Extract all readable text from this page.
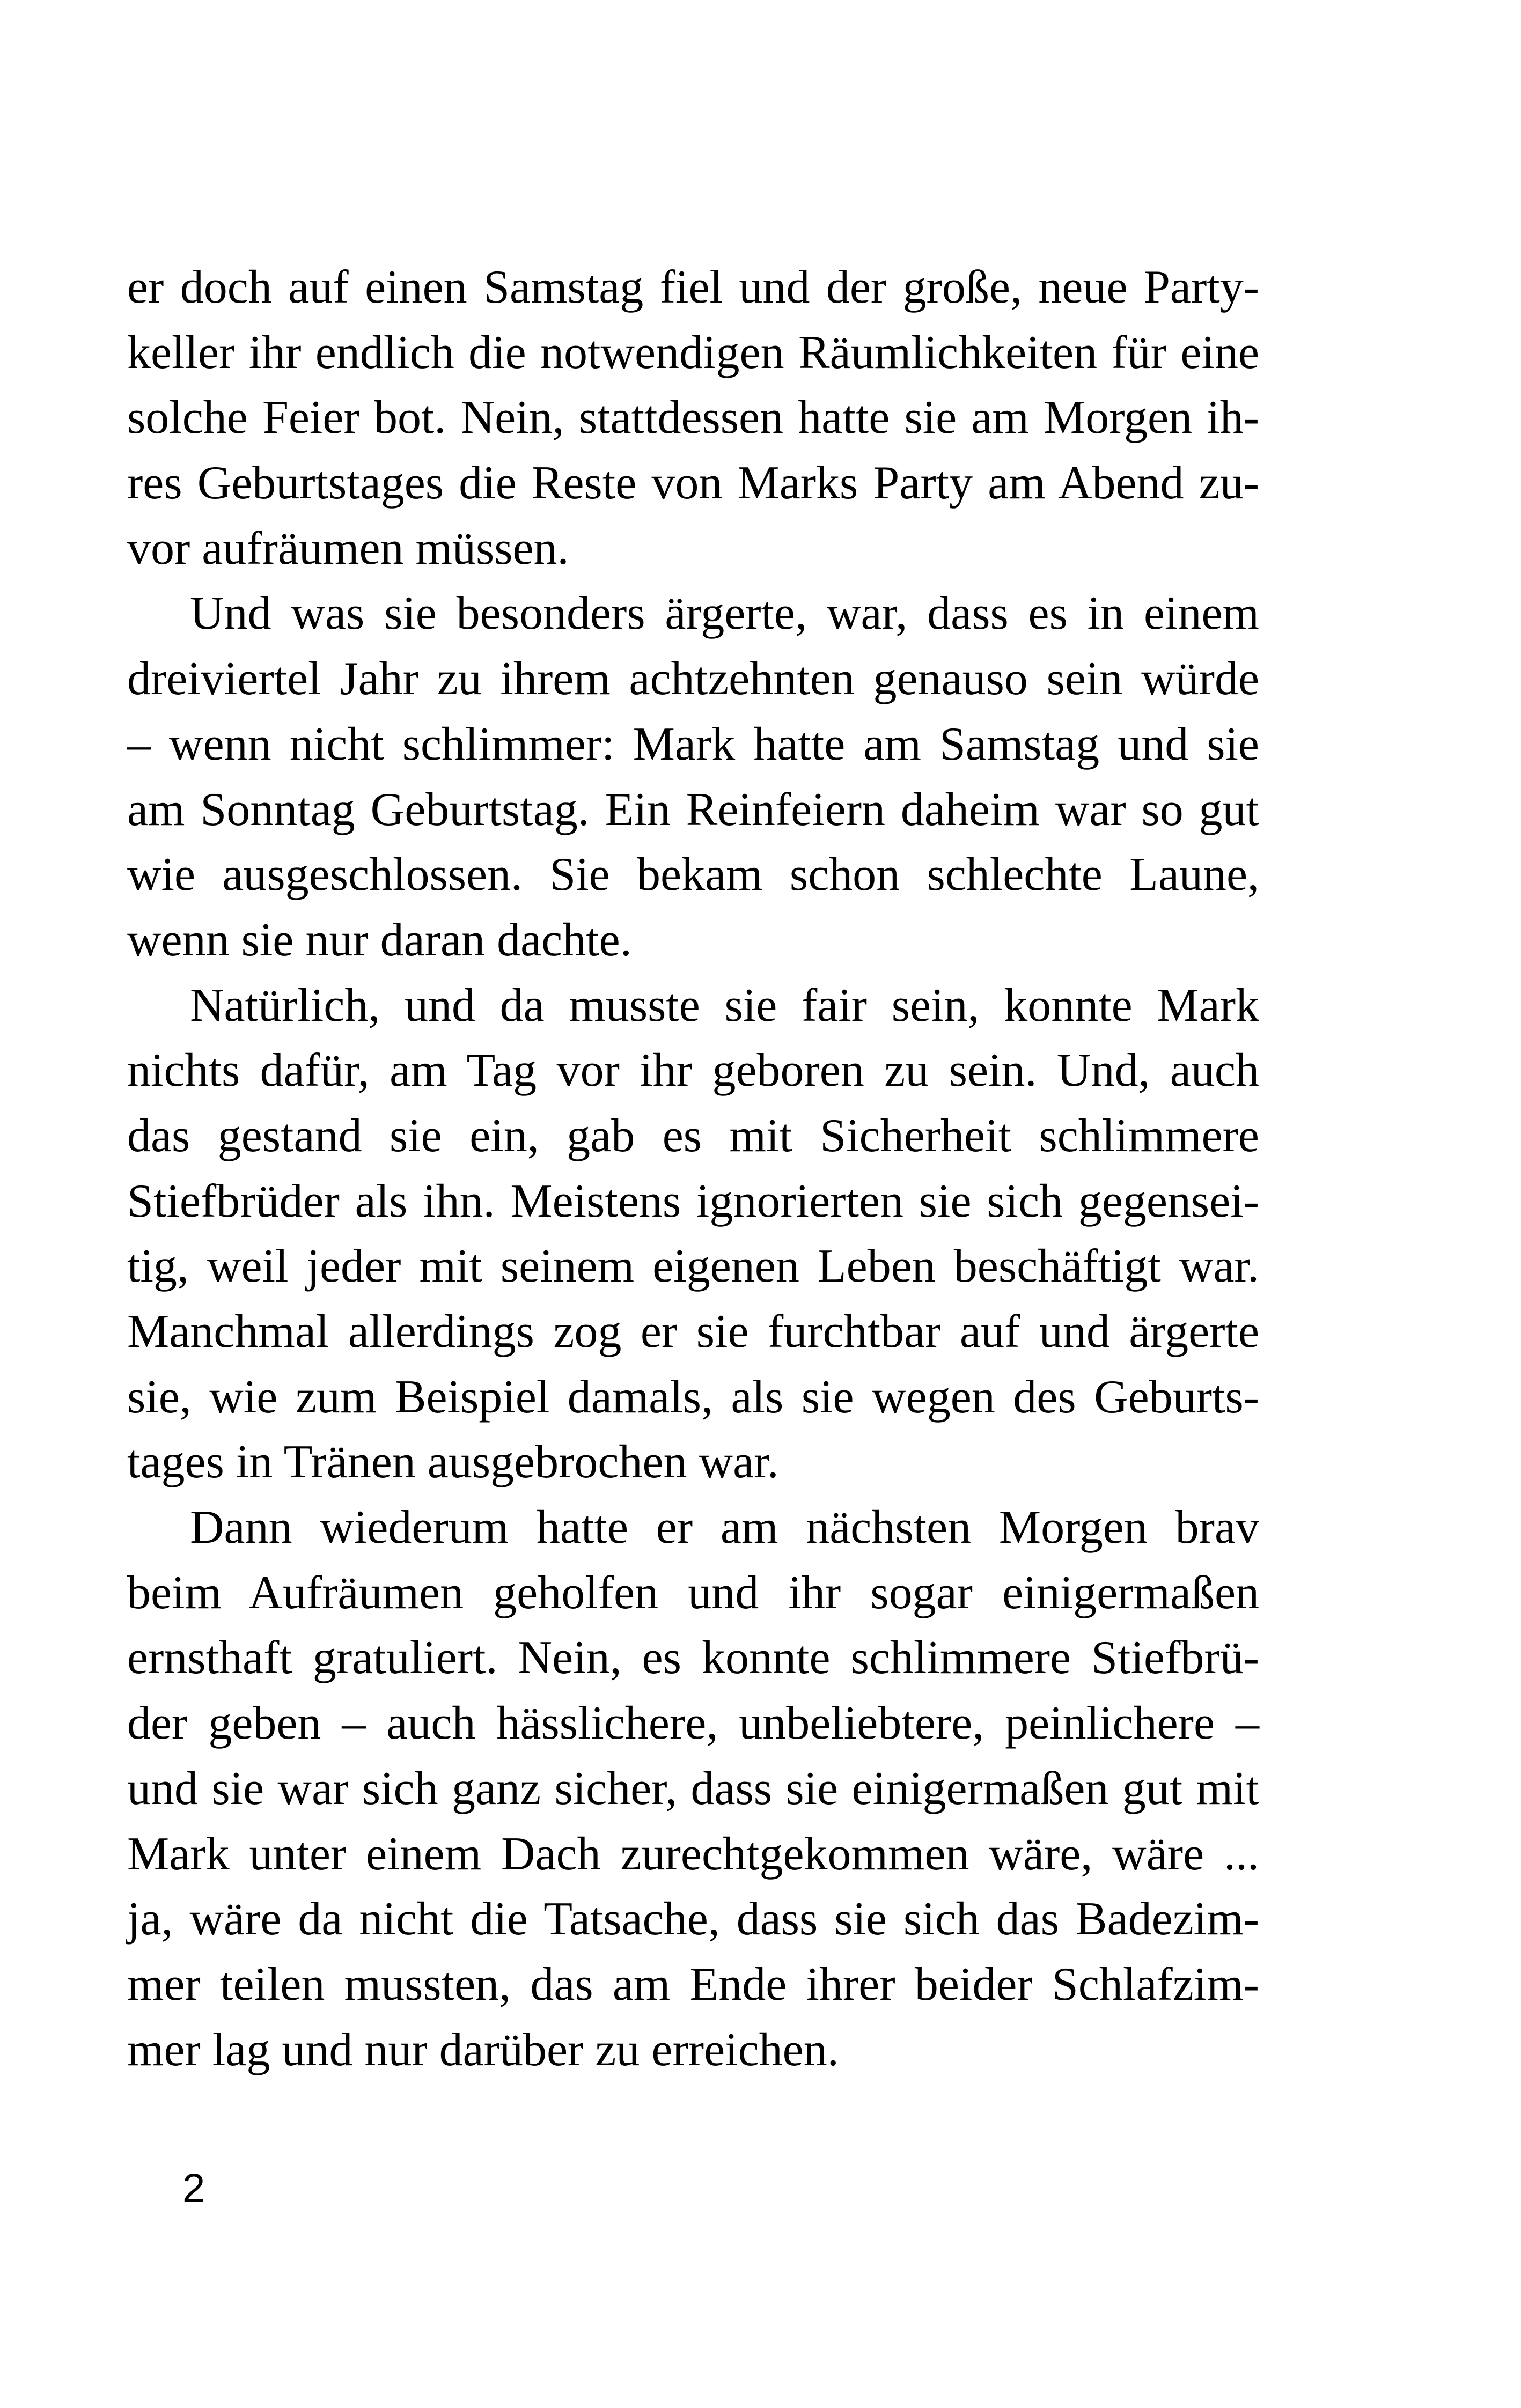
er doch auf einen Samstag fiel und der große, neue Party-
keller ihr endlich die notwendigen Räumlichkeiten für eine
solche Feier bot. Nein, stattdessen hatte sie am Morgen ih-
res Geburtstages die Reste von Marks Party am Abend zu-
vor aufräumen müssen.
Und was sie besonders ärgerte, war, dass es in einem
dreiviertel Jahr zu ihrem achtzehnten genauso sein würde
– wenn nicht schlimmer: Mark hatte am Samstag und sie
am Sonntag Geburtstag. Ein Reinfeiern daheim war so gut
wie ausgeschlossen. Sie bekam schon schlechte Laune,
wenn sie nur daran dachte.
Natürlich, und da musste sie fair sein, konnte Mark
nichts dafür, am Tag vor ihr geboren zu sein. Und, auch
das gestand sie ein, gab es mit Sicherheit schlimmere
Stiefbrüder als ihn. Meistens ignorierten sie sich gegensei-
tig, weil jeder mit seinem eigenen Leben beschäftigt war.
Manchmal allerdings zog er sie furchtbar auf und ärgerte
sie, wie zum Beispiel damals, als sie wegen des Geburts-
tages in Tränen ausgebrochen war.
Dann wiederum hatte er am nächsten Morgen brav
beim Aufräumen geholfen und ihr sogar einigermaßen
ernsthaft gratuliert. Nein, es konnte schlimmere Stiefbrü-
der geben – auch hässlichere, unbeliebtere, peinlichere –
und sie war sich ganz sicher, dass sie einigermaßen gut mit
Mark unter einem Dach zurechtgekommen wäre, wäre ...
ja, wäre da nicht die Tatsache, dass sie sich das Badezim-
mer teilen mussten, das am Ende ihrer beider Schlafzim-
mer lag und nur darüber zu erreichen.
2
